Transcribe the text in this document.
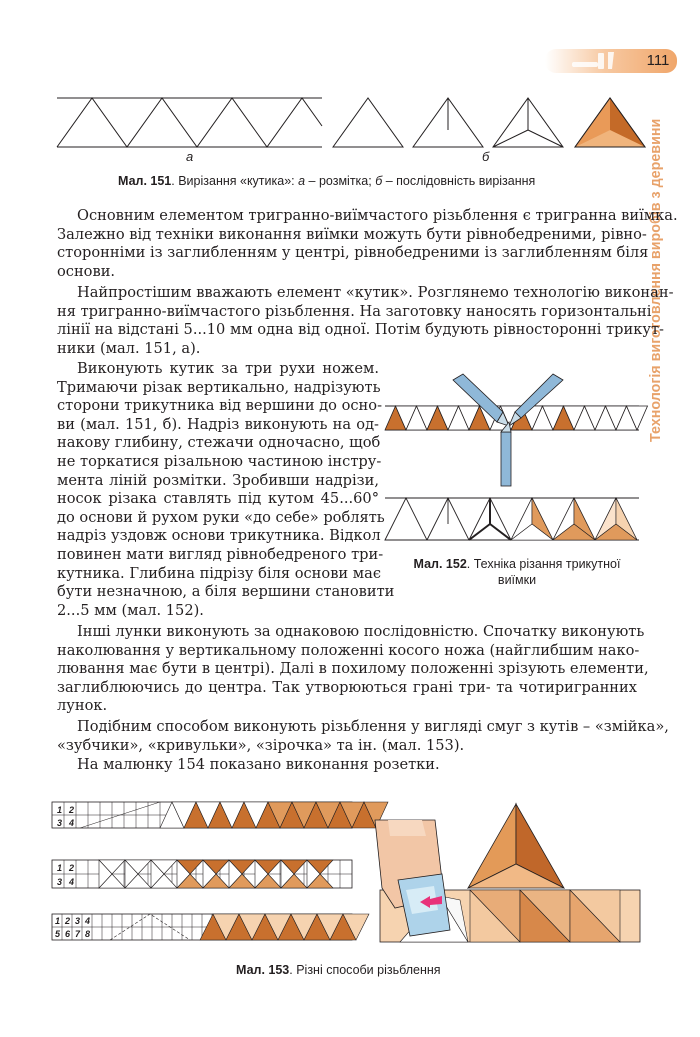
111
Технологія виготовлення виробів з деревини
а	б
Мал. 151. Вирізання «кутика»: а – розмітка; б – послідовність вирізання
Основним елементом тригранно-виїмчастого різьблення є тригранна виїмка.
Залежно від техніки виконання виїмки можуть бути рівнобедреними, рівно-
сторонніми із заглибленням у центрі, рівнобедреними із заглибленням біля
основи.
Найпростішим вважають елемент «кутик». Розглянемо технологію виконан-
ня тригранно-виїмчастого різьблення. На заготовку наносять горизонтальні
лінії на відстані 5...10 мм одна від одної. Потім будують рівносторонні трикут-
ники (мал. 151, а).
Виконують кутик за три рухи ножем.
Тримаючи різак вертикально, надрізують
сторони трикутника від вершини до осно-
ви (мал. 151, б). Надріз виконують на од-
накову глибину, стежачи одночасно, щоб
не торкатися різальною частиною інстру-
мента ліній розмітки. Зробивши надрізи,
носок різака ставлять під кутом 45...60°
до основи й рухом руки «до себе» роблять
надріз уздовж основи трикутника. Відкол
повинен мати вигляд рівнобедреного три-
кутника. Глибина підрізу біля основи має
бути незначною, а біля вершини становити
2...5 мм (мал. 152).
Мал. 152. Техніка різання трикутної
виїмки
Інші лунки виконують за однаковою послідовністю. Спочатку виконують
наколювання у вертикальному положенні косого ножа (найглибшим нако-
лювання має бути в центрі). Далі в похилому положенні зрізують елементи,
заглиблюючись до центра. Так утворюються грані три- та чотиригранних
лунок.
Подібним способом виконують різьблення у вигляді смуг з кутів – «змійка»,
«зубчики», «кривульки», «зірочка» та ін. (мал. 153).
На малюнку 154 показано виконання розетки.
1 2
3 4
1 2
3 4
1 2 3 4
5 6 7 8
Мал. 153. Різні способи різьблення
